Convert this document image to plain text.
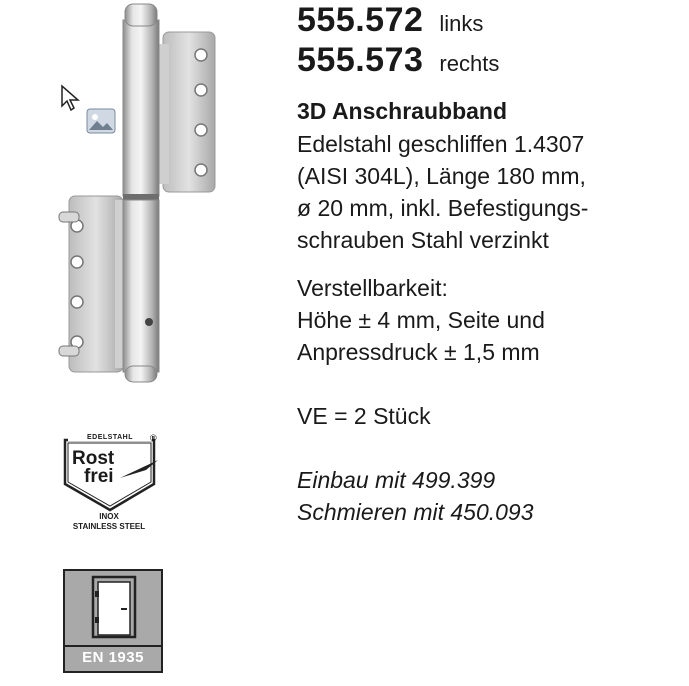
EDELSTAHL	®
Rost
frei
INOX
STAINLESS STEEL
EN 1935
555.572 links
555.573 rechts
3D Anschraubband
Edelstahl geschliffen 1.4307
(AISI 304L), Länge 180 mm,
ø 20 mm, inkl. Befestigungs-
schrauben Stahl verzinkt
Verstellbarkeit:
Höhe ± 4 mm, Seite und
Anpressdruck ± 1,5 mm
VE = 2 Stück
Einbau mit 499.399
Schmieren mit 450.093
